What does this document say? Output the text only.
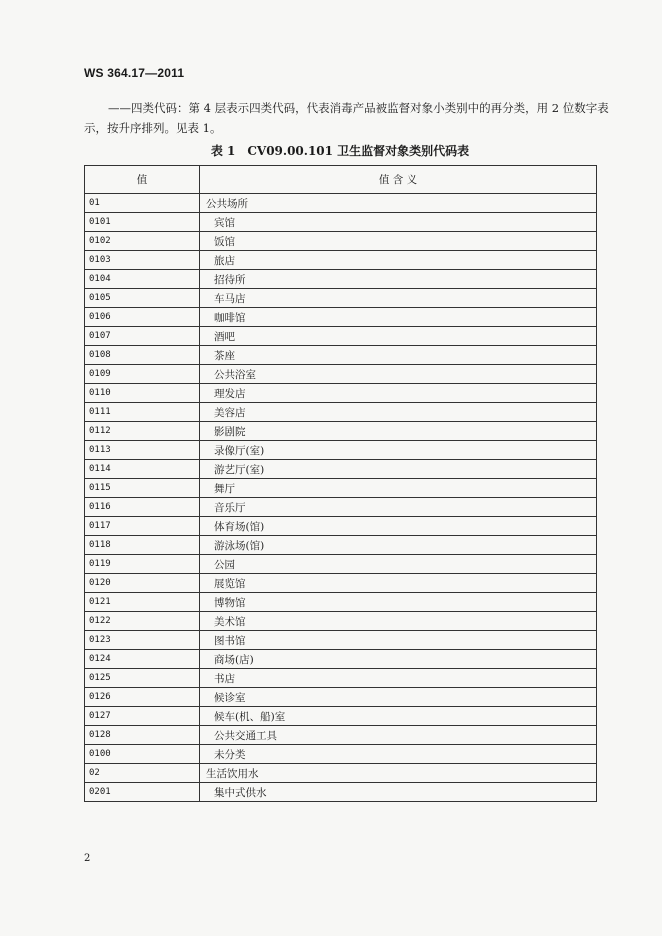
WS 364.17—2011
——四类代码：第 4 层表示四类代码，代表消毒产品被监督对象小类别中的再分类，用 2 位数字表
示，按升序排列。见表 1。
表 1　CV09.00.101 卫生监督对象类别代码表
值	值 含 义
01	公共场所
0101	宾馆
0102	饭馆
0103	旅店
0104	招待所
0105	车马店
0106	咖啡馆
0107	酒吧
0108	茶座
0109	公共浴室
0110	理发店
0111	美容店
0112	影剧院
0113	录像厅(室)
0114	游艺厅(室)
0115	舞厅
0116	音乐厅
0117	体育场(馆)
0118	游泳场(馆)
0119	公园
0120	展览馆
0121	博物馆
0122	美术馆
0123	图书馆
0124	商场(店)
0125	书店
0126	候诊室
0127	候车(机、船)室
0128	公共交通工具
0100	未分类
02	生活饮用水
0201	集中式供水
2
